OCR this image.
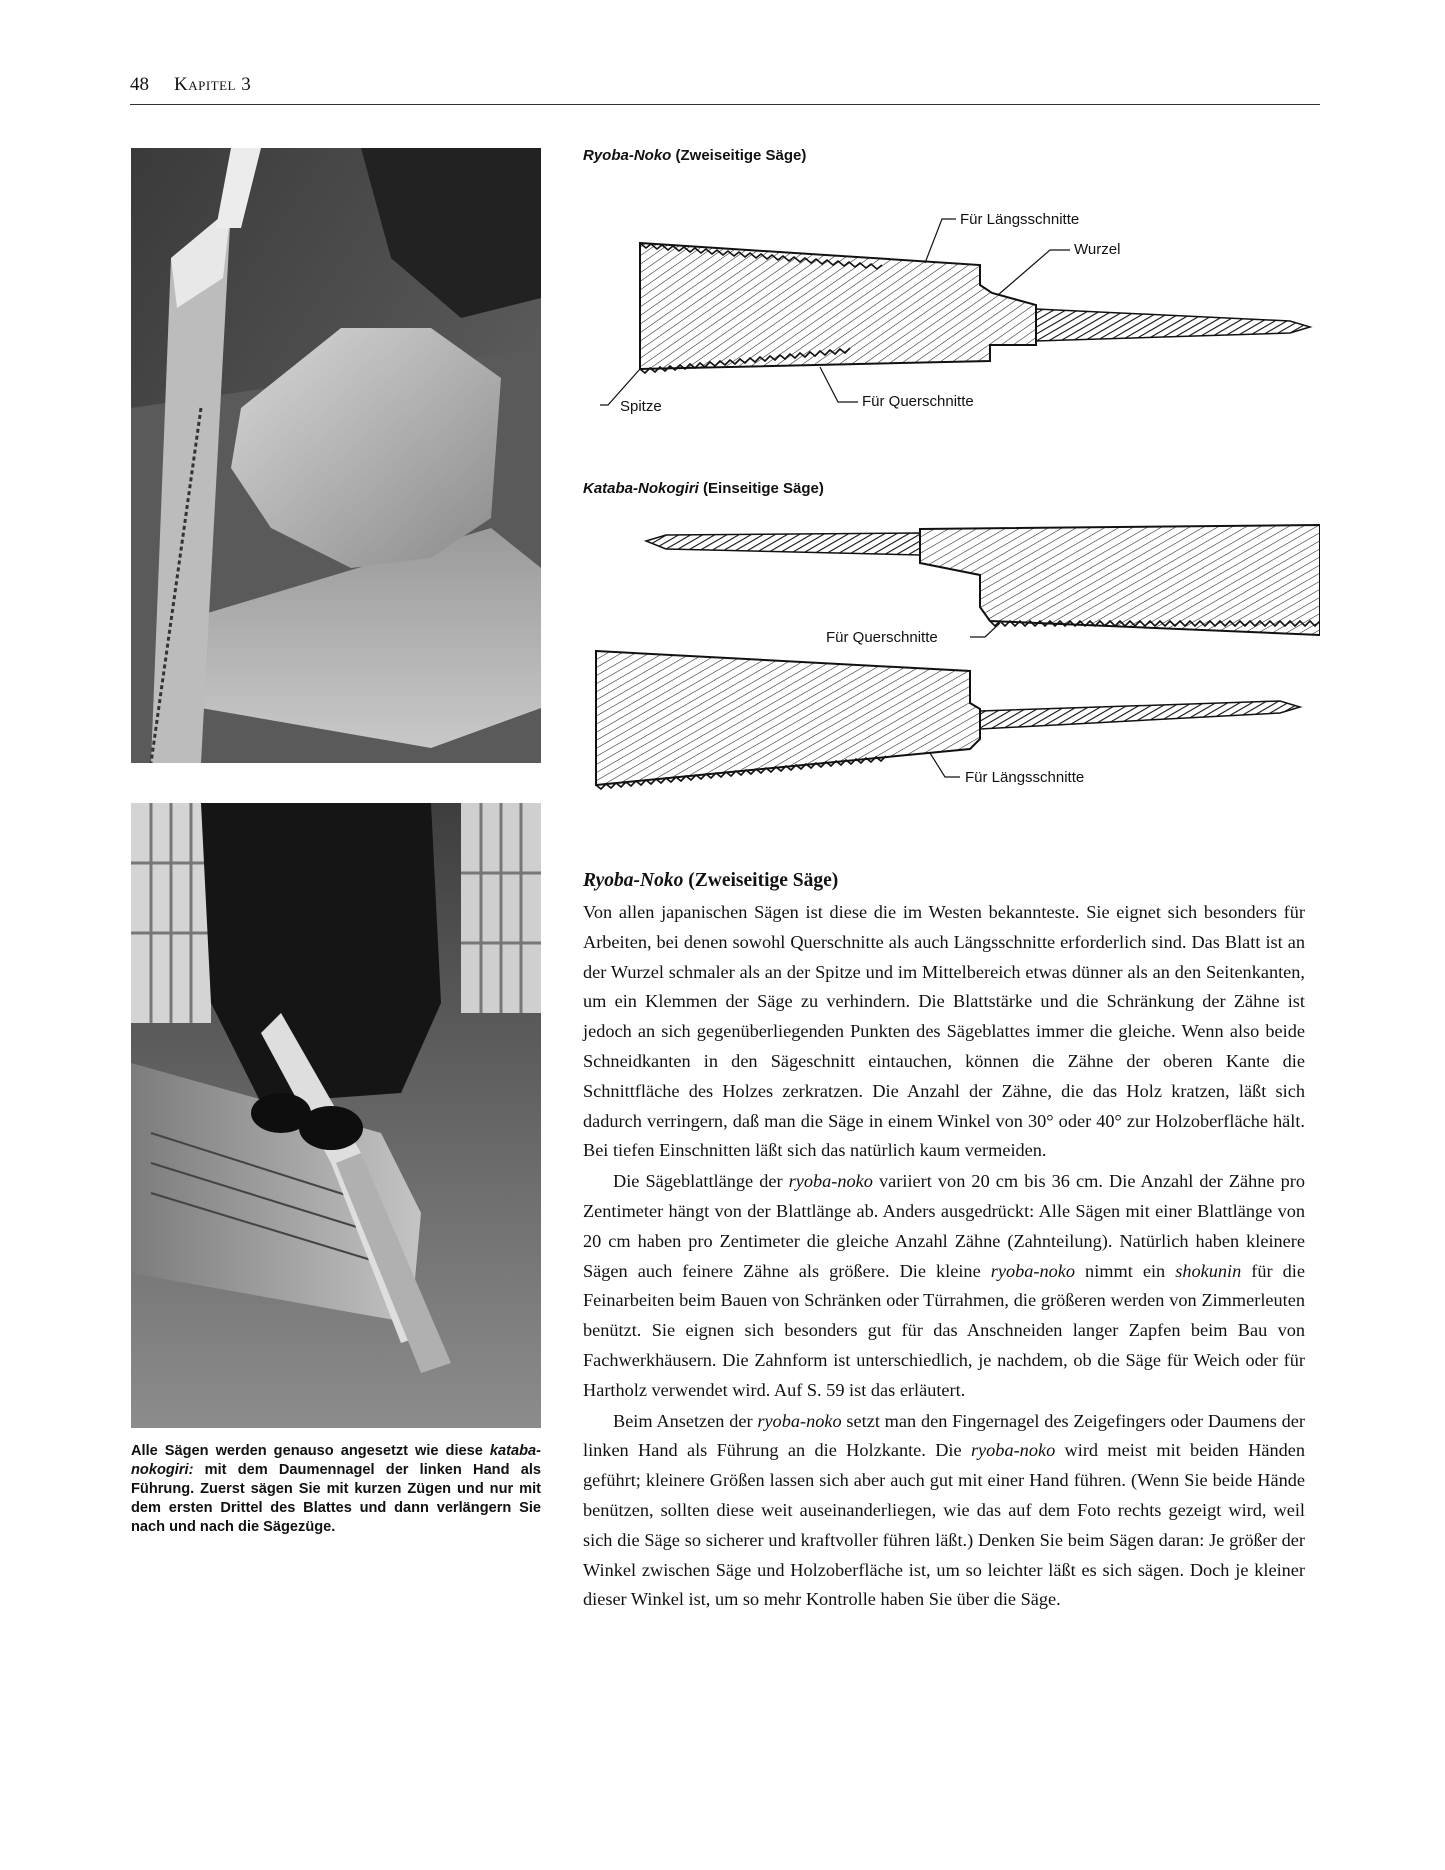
48 Kapitel 3
Alle Sägen werden genauso angesetzt wie diese kataba-nokogiri: mit dem Daumennagel der linken Hand als Führung. Zuerst sägen Sie mit kurzen Zügen und nur mit dem ersten Drittel des Blattes und dann verlängern Sie nach und nach die Sägezüge.
Ryoba-Noko (Zweiseitige Säge)
Für Längsschnitte
Wurzel
Spitze	Für Querschnitte
Kataba-Nokogiri (Einseitige Säge)
Für Querschnitte
Für Längsschnitte
Ryoba-Noko (Zweiseitige Säge)

Von allen japanischen Sägen ist diese die im Westen bekannteste. Sie eignet sich besonders für Arbeiten, bei denen sowohl Querschnitte als auch Längsschnitte erforderlich sind. Das Blatt ist an der Wurzel schmaler als an der Spitze und im Mittelbereich etwas dünner als an den Seitenkanten, um ein Klemmen der Säge zu verhindern. Die Blattstärke und die Schränkung der Zähne ist jedoch an sich gegenüberliegenden Punkten des Sägeblattes immer die gleiche. Wenn also beide Schneidkanten in den Sägeschnitt eintauchen, können die Zähne der oberen Kante die Schnittfläche des Holzes zerkratzen. Die Anzahl der Zähne, die das Holz kratzen, läßt sich dadurch verringern, daß man die Säge in einem Winkel von 30° oder 40° zur Holzoberfläche hält. Bei tiefen Einschnitten läßt sich das natürlich kaum vermeiden.

Die Sägeblattlänge der ryoba-noko variiert von 20 cm bis 36 cm. Die Anzahl der Zähne pro Zentimeter hängt von der Blattlänge ab. Anders ausgedrückt: Alle Sägen mit einer Blattlänge von 20 cm haben pro Zentimeter die gleiche Anzahl Zähne (Zahnteilung). Natürlich haben kleinere Sägen auch feinere Zähne als größere. Die kleine ryoba-noko nimmt ein shokunin für die Feinarbeiten beim Bauen von Schränken oder Türrahmen, die größeren werden von Zimmerleuten benützt. Sie eignen sich besonders gut für das Anschneiden langer Zapfen beim Bau von Fachwerkhäusern. Die Zahnform ist unterschiedlich, je nachdem, ob die Säge für Weich oder für Hartholz verwendet wird. Auf S. 59 ist das erläutert.

Beim Ansetzen der ryoba-noko setzt man den Fingernagel des Zeigefingers oder Daumens der linken Hand als Führung an die Holzkante. Die ryoba-noko wird meist mit beiden Händen geführt; kleinere Größen lassen sich aber auch gut mit einer Hand führen. (Wenn Sie beide Hände benützen, sollten diese weit auseinanderliegen, wie das auf dem Foto rechts gezeigt wird, weil sich die Säge so sicherer und kraftvoller führen läßt.) Denken Sie beim Sägen daran: Je größer der Winkel zwischen Säge und Holzoberfläche ist, um so leichter läßt es sich sägen. Doch je kleiner dieser Winkel ist, um so mehr Kontrolle haben Sie über die Säge.
